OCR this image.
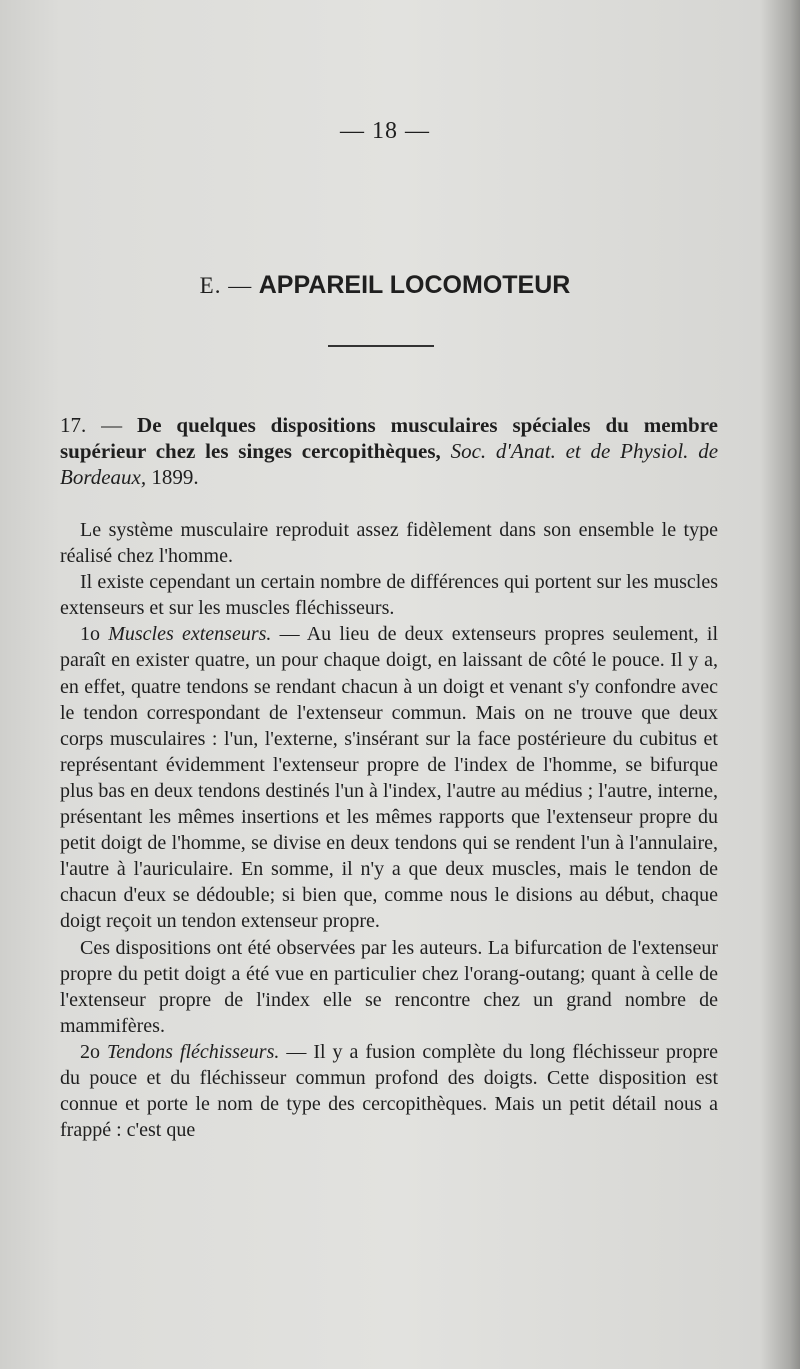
— 18 —
E. — APPAREIL LOCOMOTEUR
17. — De quelques dispositions musculaires spéciales du membre supérieur chez les singes cercopithèques, Soc. d'Anat. et de Physiol. de Bordeaux, 1899.

Le système musculaire reproduit assez fidèlement dans son ensemble le type réalisé chez l'homme.

Il existe cependant un certain nombre de différences qui portent sur les muscles extenseurs et sur les muscles fléchisseurs.

1o Muscles extenseurs. — Au lieu de deux extenseurs propres seulement, il paraît en exister quatre, un pour chaque doigt, en laissant de côté le pouce. Il y a, en effet, quatre tendons se rendant chacun à un doigt et venant s'y confondre avec le tendon correspondant de l'extenseur commun. Mais on ne trouve que deux corps musculaires : l'un, l'externe, s'insérant sur la face postérieure du cubitus et représentant évidemment l'extenseur propre de l'index de l'homme, se bifurque plus bas en deux tendons destinés l'un à l'index, l'autre au médius ; l'autre, interne, présentant les mêmes insertions et les mêmes rapports que l'extenseur propre du petit doigt de l'homme, se divise en deux tendons qui se rendent l'un à l'annulaire, l'autre à l'auriculaire. En somme, il n'y a que deux muscles, mais le tendon de chacun d'eux se dédouble; si bien que, comme nous le disions au début, chaque doigt reçoit un tendon extenseur propre.

Ces dispositions ont été observées par les auteurs. La bifurcation de l'extenseur propre du petit doigt a été vue en particulier chez l'orang-outang; quant à celle de l'extenseur propre de l'index elle se rencontre chez un grand nombre de mammifères.

2o Tendons fléchisseurs. — Il y a fusion complète du long fléchisseur propre du pouce et du fléchisseur commun profond des doigts. Cette disposition est connue et porte le nom de type des cercopithèques. Mais un petit détail nous a frappé : c'est que
